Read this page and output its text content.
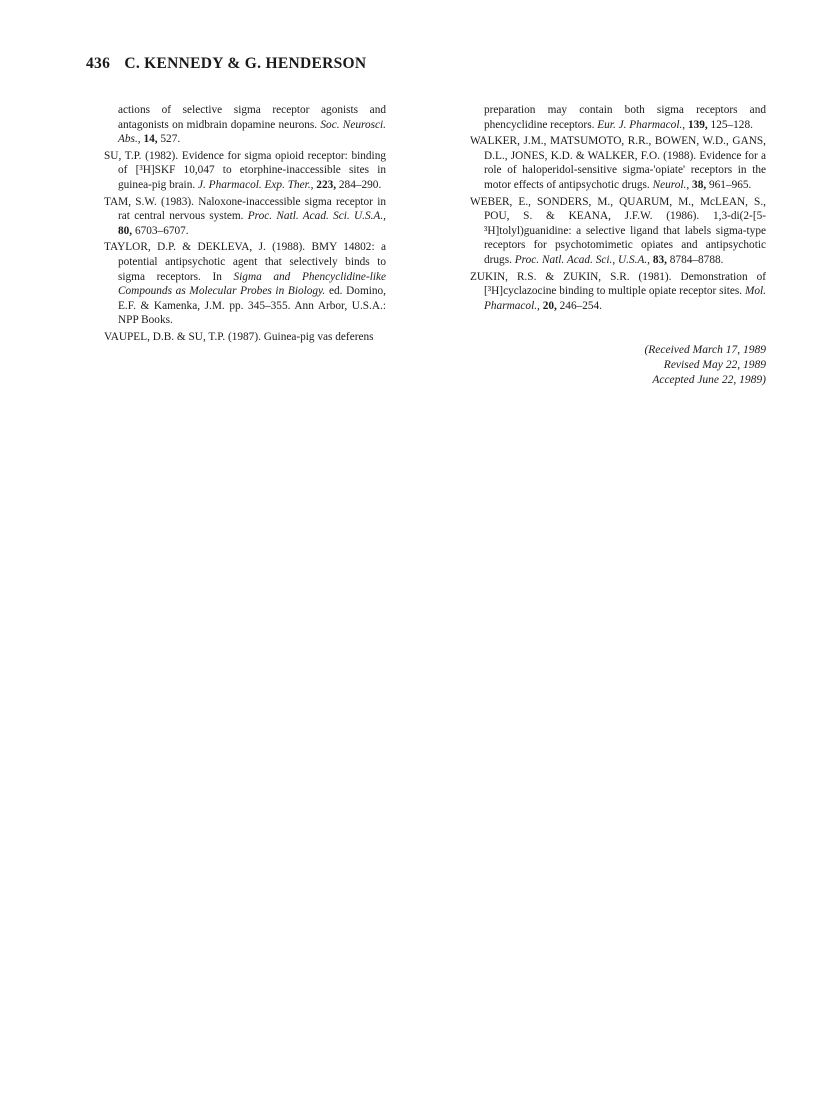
436 C. KENNEDY & G. HENDERSON

actions of selective sigma receptor agonists and antagonists on midbrain dopamine neurons. Soc. Neurosci. Abs., 14, 527.

SU, T.P. (1982). Evidence for sigma opioid receptor: binding of [³H]SKF 10,047 to etorphine-inaccessible sites in guinea-pig brain. J. Pharmacol. Exp. Ther., 223, 284–290.

TAM, S.W. (1983). Naloxone-inaccessible sigma receptor in rat central nervous system. Proc. Natl. Acad. Sci. U.S.A., 80, 6703–6707.

TAYLOR, D.P. & DEKLEVA, J. (1988). BMY 14802: a potential antipsychotic agent that selectively binds to sigma receptors. In Sigma and Phencyclidine-like Compounds as Molecular Probes in Biology. ed. Domino, E.F. & Kamenka, J.M. pp. 345–355. Ann Arbor, U.S.A.: NPP Books.

VAUPEL, D.B. & SU, T.P. (1987). Guinea-pig vas deferens

preparation may contain both sigma receptors and phencyclidine receptors. Eur. J. Pharmacol., 139, 125–128.

WALKER, J.M., MATSUMOTO, R.R., BOWEN, W.D., GANS, D.L., JONES, K.D. & WALKER, F.O. (1988). Evidence for a role of haloperidol-sensitive sigma-'opiate' receptors in the motor effects of antipsychotic drugs. Neurol., 38, 961–965.

WEBER, E., SONDERS, M., QUARUM, M., McLEAN, S., POU, S. & KEANA, J.F.W. (1986). 1,3-di(2-[5-³H]tolyl)guanidine: a selective ligand that labels sigma-type receptors for psychotomimetic opiates and antipsychotic drugs. Proc. Natl. Acad. Sci., U.S.A., 83, 8784–8788.

ZUKIN, R.S. & ZUKIN, S.R. (1981). Demonstration of [³H]cyclazocine binding to multiple opiate receptor sites. Mol. Pharmacol., 20, 246–254.

(Received March 17, 1989
Revised May 22, 1989
Accepted June 22, 1989)
